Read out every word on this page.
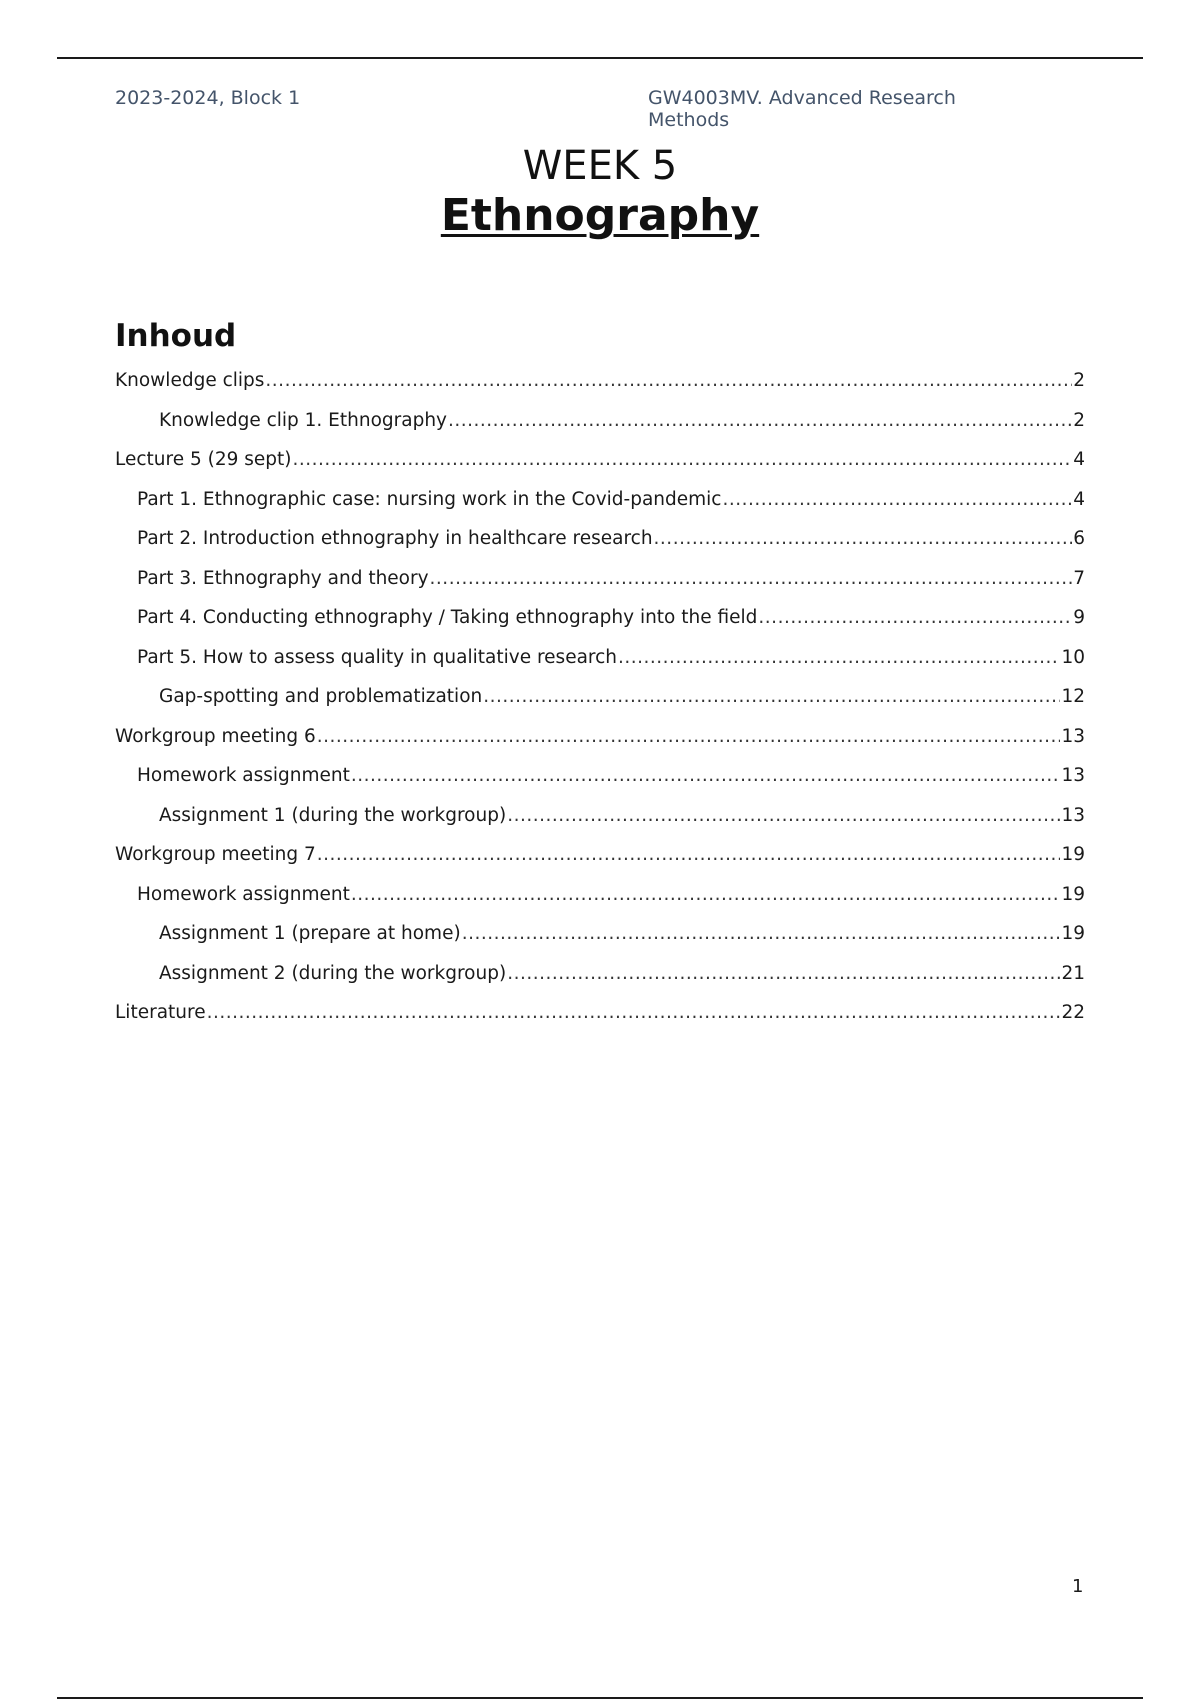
2023-2024, Block 1	GW4003MV. Advanced Research Methods
WEEK 5
Ethnography
Inhoud
Knowledge clips .....	2
Knowledge clip 1. Ethnography .....	2
Lecture 5 (29 sept) .....	4
Part 1. Ethnographic case: nursing work in the Covid-pandemic .....	4
Part 2. Introduction ethnography in healthcare research .....	6
Part 3. Ethnography and theory .....	7
Part 4. Conducting ethnography / Taking ethnography into the field .....	9
Part 5. How to assess quality in qualitative research .....	10
Gap-spotting and problematization .....	12
Workgroup meeting 6 .....	13
Homework assignment .....	13
Assignment 1 (during the workgroup) .....	13
Workgroup meeting 7 .....	19
Homework assignment .....	19
Assignment 1 (prepare at home) .....	19
Assignment 2 (during the workgroup) .....	21
Literature .....	22
1
